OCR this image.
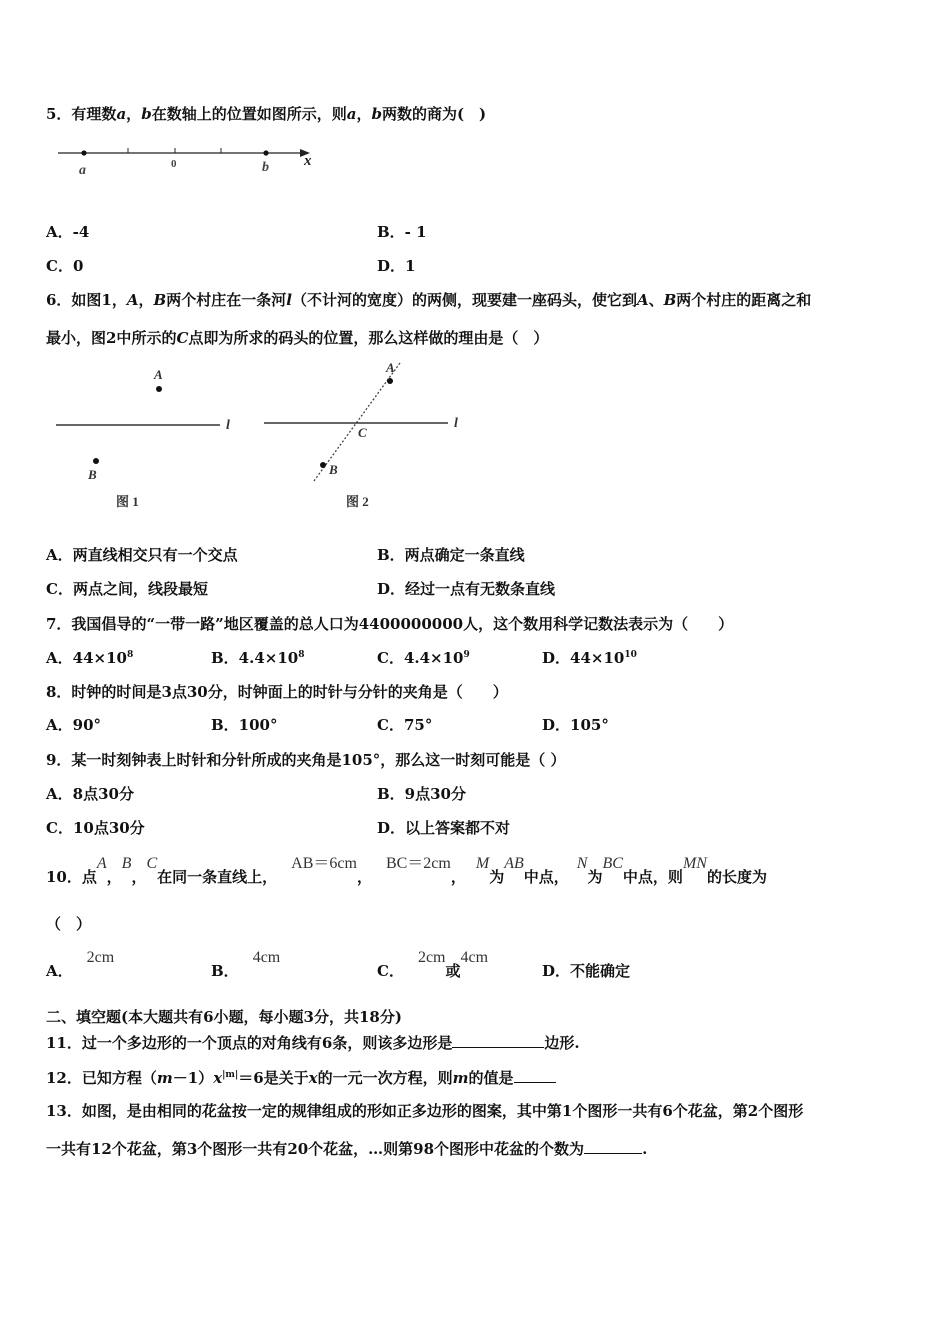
5．有理数a，b在数轴上的位置如图所示，则a，b两数的商为(　)
a	0	b x
A．-4	B．- 1
C．0	D．1
6．如图1，A，B两个村庄在一条河l（不计河的宽度）的两侧，现要建一座码头，使它到A、B两个村庄的距离之和
最小，图2中所示的C点即为所求的码头的位置，那么这样做的理由是（　）
A
B
l
图 1
A
B
C
l
图 2
A．两直线相交只有一个交点	B．两点确定一条直线
C．两点之间，线段最短	D．经过一点有无数条直线
7．我国倡导的“一带一路”地区覆盖的总人口为4400000000人，这个数用科学记数法表示为（　　）
A．$44\times 10^8$	B．$4.4\times 10^8$	C．$4.4\times 10^9$	D．$44\times 10^{10}$
8．时钟的时间是3点30分，时钟面上的时针与分针的夹角是（　　）
A．90°	B．100°	C．75°	D．105°
9．某一时刻钟表上时针和分针所成的夹角是105°，那么这一时刻可能是（ ）
A．8点30分	B．9点30分
C．10点30分	D．以上答案都不对
10．点A，B，C在同一条直线上，AB＝6cm，BC＝2cm，M为AB中点，N为BC中点，则MN的长度为
（　）
A．2cm
B．4cm
C．2cm或4cm
D．不能确定
二、填空题(本大题共有6小题，每小题3分，共18分)
11．过一个多边形的一个顶点的对角线有6条，则该多边形是	边形.
12．已知方程$(m-1)x^{|m|}=6$是关于x的一元一次方程，则m的值是
13．如图，是由相同的花盆按一定的规律组成的形如正多边形的图案，其中第1个图形一共有6个花盆，第2个图形
一共有12个花盆，第3个图形一共有20个花盆，…则第98个图形中花盆的个数为	.
